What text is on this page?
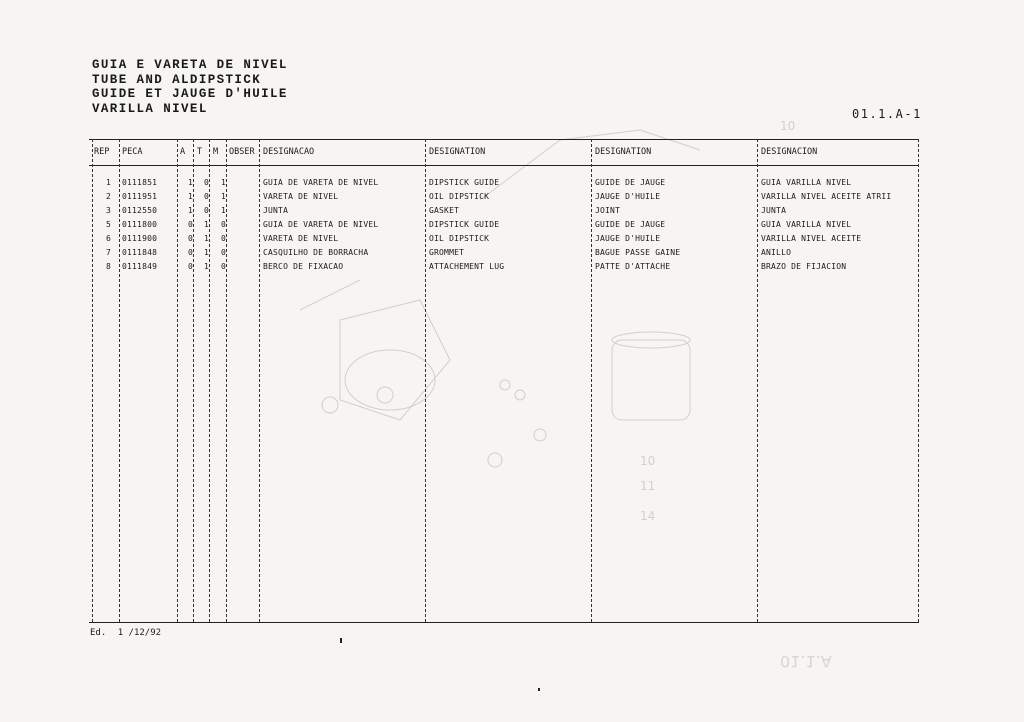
10
11
14
10
01.1.A
GUIA E VARETA DE NIVEL
TUBE AND ALDIPSTICK
GUIDE ET JAUGE D'HUILE
VARILLA NIVEL	01.1.A-1
REP PECA	A T M OBSER DESIGNACAO	DESIGNATION	DESIGNATION	DESIGNACION
1 0111851	1 0 1	GUIA DE VARETA DE NIVEL	DIPSTICK GUIDE	GUIDE DE JAUGE	GUIA VARILLA NIVEL
2 0111951	1 0 1	VARETA DE NIVEL	OIL DIPSTICK	JAUGE D'HUILE	VARILLA NIVEL ACEITE ATRII
3 0112550	1 0 1	JUNTA	GASKET	JOINT	JUNTA
5 0111800	0 1 0	GUIA DE VARETA DE NIVEL	DIPSTICK GUIDE	GUIDE DE JAUGE	GUIA VARILLA NIVEL
6 0111900	0 1 0	VARETA DE NIVEL	OIL DIPSTICK	JAUGE D'HUILE	VARILLA NIVEL ACEITE
7 0111848	0 1 0	CASQUILHO DE BORRACHA	GROMMET	BAGUE PASSE GAINE	ANILLO
8 0111849	0 1 0	BERCO DE FIXACAO	ATTACHEMENT LUG	PATTE D'ATTACHE	BRAZO DE FIJACION
Ed. 1 /12/92
